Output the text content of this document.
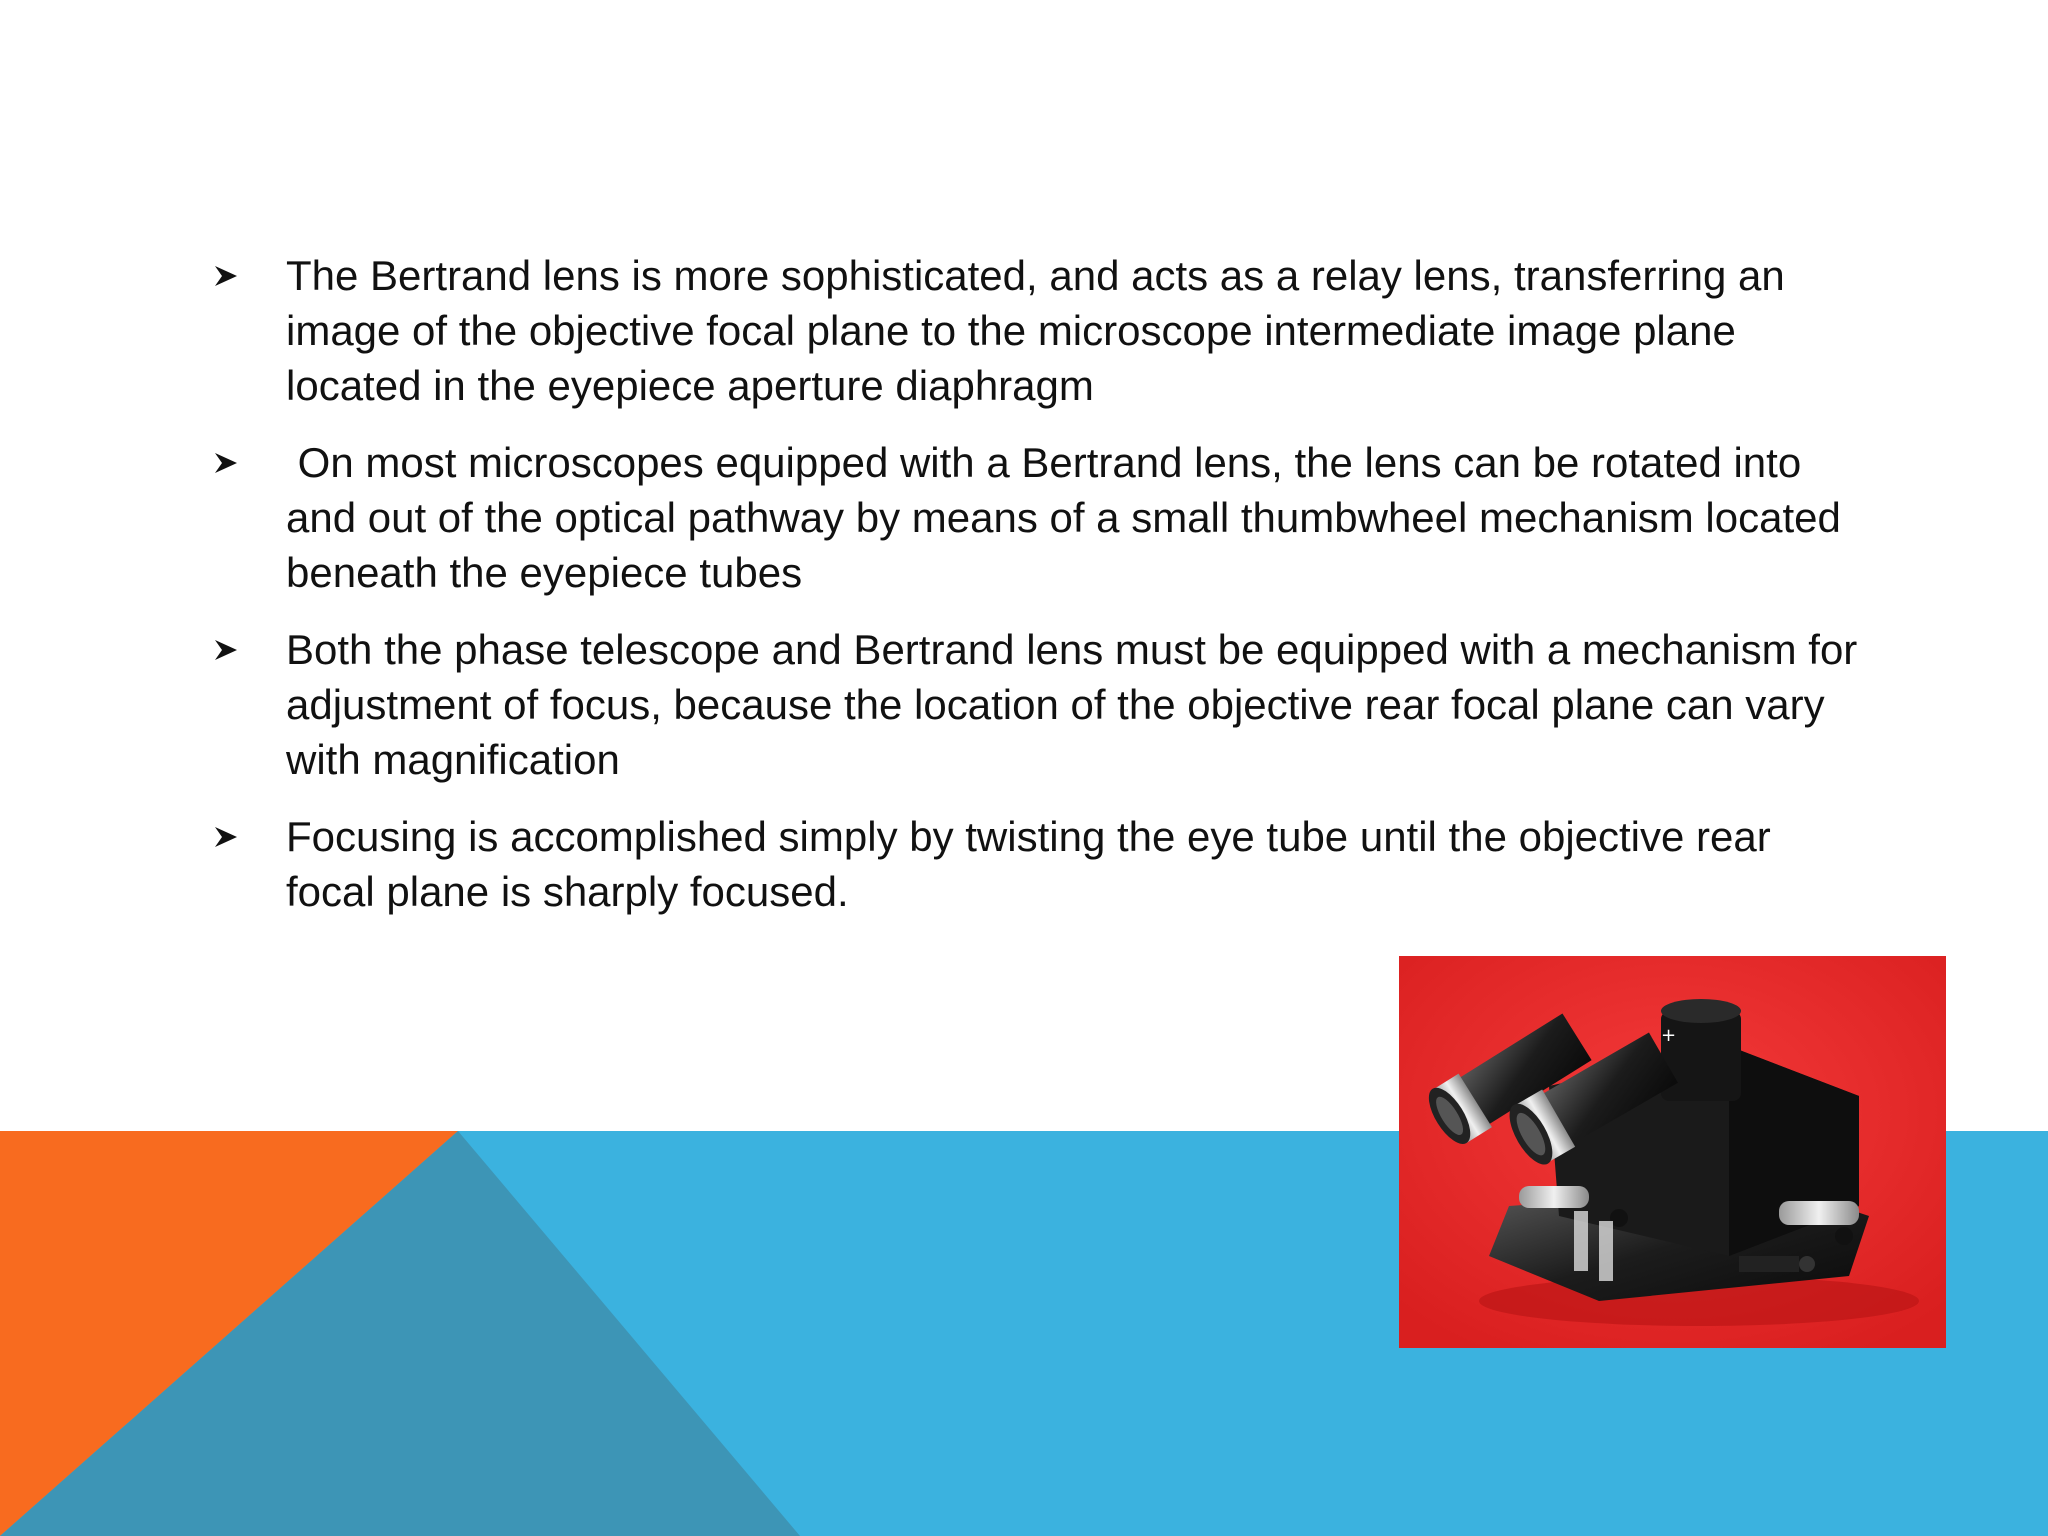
The Bertrand lens is more sophisticated, and acts as a relay lens, transferring an image of the objective focal plane to the microscope intermediate image plane located in the eyepiece aperture diaphragm
On most microscopes equipped with a Bertrand lens, the lens can be rotated into and out of the optical pathway by means of a small thumbwheel mechanism located beneath the eyepiece tubes
Both the phase telescope and Bertrand lens must be equipped with a mechanism for adjustment of focus, because the location of the objective rear focal plane can vary with magnification
Focusing is accomplished simply by twisting the eye tube until the objective rear focal plane is sharply focused.
+
